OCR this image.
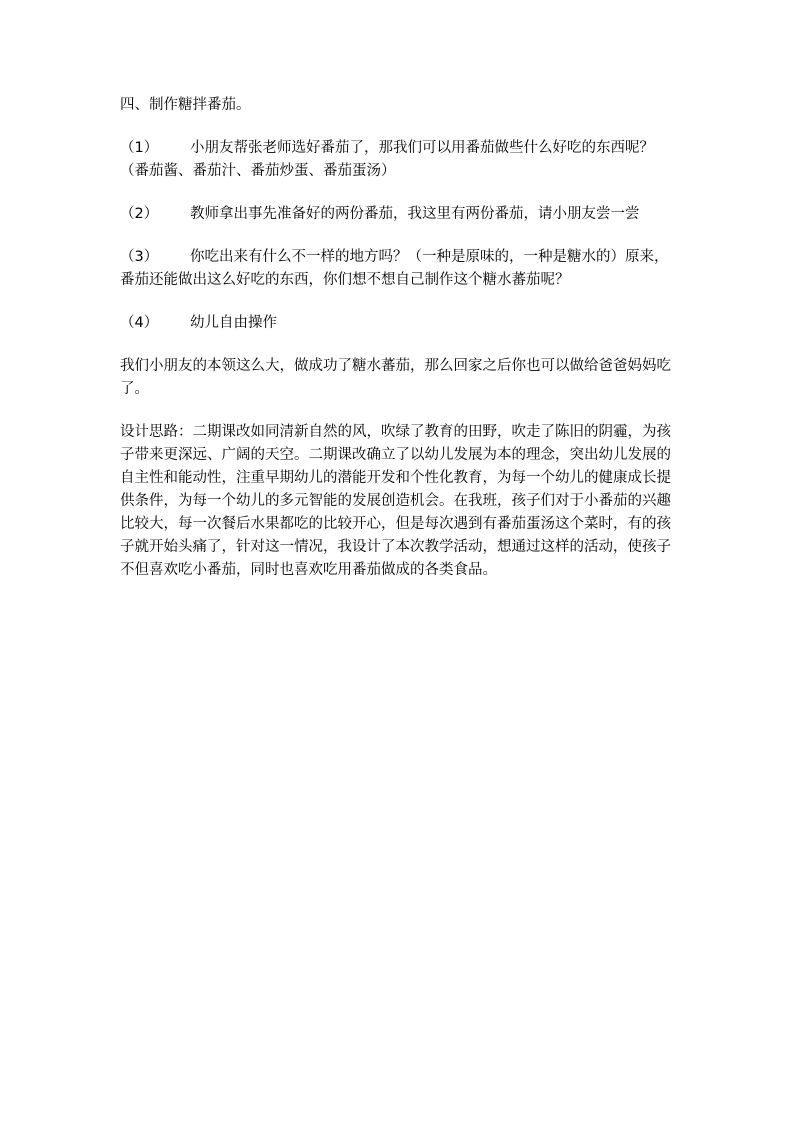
四、制作糖拌番茄。

（1） 小朋友帮张老师选好番茄了，那我们可以用番茄做些什么好吃的东西呢？（番茄酱、番茄汁、番茄炒蛋、番茄蛋汤）

（2） 教师拿出事先准备好的两份番茄，我这里有两份番茄，请小朋友尝一尝

（3） 你吃出来有什么不一样的地方吗？（一种是原味的，一种是糖水的）原来，番茄还能做出这么好吃的东西，你们想不想自己制作这个糖水蕃茄呢？

（4） 幼儿自由操作

我们小朋友的本领这么大，做成功了糖水蕃茄，那么回家之后你也可以做给爸爸妈妈吃了。

设计思路：二期课改如同清新自然的风，吹绿了教育的田野，吹走了陈旧的阴霾，为孩子带来更深远、广阔的天空。二期课改确立了以幼儿发展为本的理念，突出幼儿发展的自主性和能动性，注重早期幼儿的潜能开发和个性化教育，为每一个幼儿的健康成长提供条件，为每一个幼儿的多元智能的发展创造机会。在我班，孩子们对于小番茄的兴趣比较大，每一次餐后水果都吃的比较开心，但是每次遇到有番茄蛋汤这个菜时，有的孩子就开始头痛了，针对这一情况，我设计了本次教学活动，想通过这样的活动，使孩子不但喜欢吃小番茄，同时也喜欢吃用番茄做成的各类食品。
